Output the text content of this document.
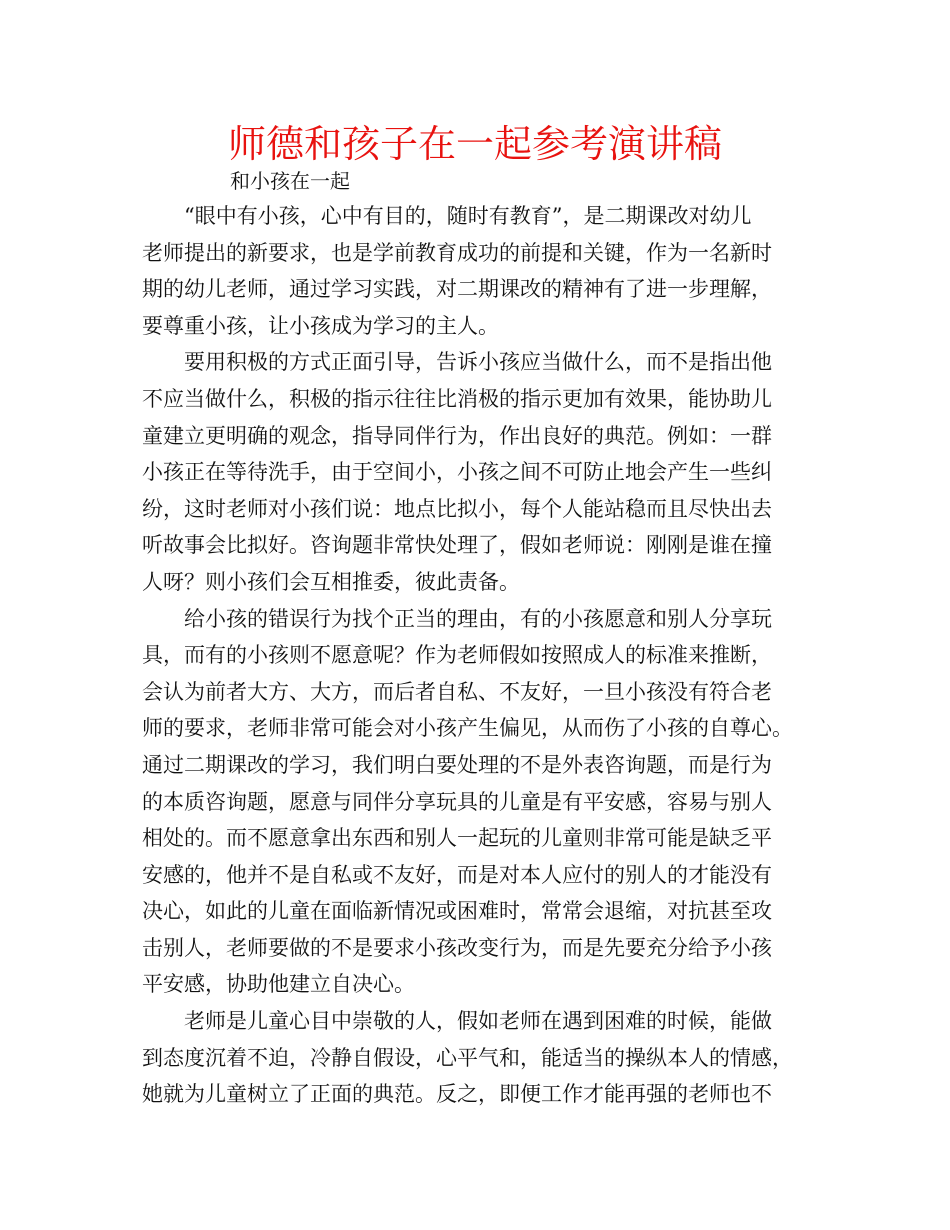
师德和孩子在一起参考演讲稿
和小孩在一起
“眼中有小孩，心中有目的，随时有教育”，是二期课改对幼儿
老师提出的新要求，也是学前教育成功的前提和关键，作为一名新时
期的幼儿老师，通过学习实践，对二期课改的精神有了进一步理解，
要尊重小孩，让小孩成为学习的主人。
要用积极的方式正面引导，告诉小孩应当做什么，而不是指出他
不应当做什么，积极的指示往往比消极的指示更加有效果，能协助儿
童建立更明确的观念，指导同伴行为，作出良好的典范。例如：一群
小孩正在等待洗手，由于空间小，小孩之间不可防止地会产生一些纠
纷，这时老师对小孩们说：地点比拟小，每个人能站稳而且尽快出去
听故事会比拟好。咨询题非常快处理了，假如老师说：刚刚是谁在撞
人呀？则小孩们会互相推委，彼此责备。
给小孩的错误行为找个正当的理由，有的小孩愿意和别人分享玩
具，而有的小孩则不愿意呢？作为老师假如按照成人的标准来推断，
会认为前者大方、大方，而后者自私、不友好，一旦小孩没有符合老
师的要求，老师非常可能会对小孩产生偏见，从而伤了小孩的自尊心。
通过二期课改的学习，我们明白要处理的不是外表咨询题，而是行为
的本质咨询题，愿意与同伴分享玩具的儿童是有平安感，容易与别人
相处的。而不愿意拿出东西和别人一起玩的儿童则非常可能是缺乏平
安感的，他并不是自私或不友好，而是对本人应付的别人的才能没有
决心，如此的儿童在面临新情况或困难时，常常会退缩，对抗甚至攻
击别人，老师要做的不是要求小孩改变行为，而是先要充分给予小孩
平安感，协助他建立自决心。
老师是儿童心目中崇敬的人，假如老师在遇到困难的时候，能做
到态度沉着不迫，冷静自假设，心平气和，能适当的操纵本人的情感，
她就为儿童树立了正面的典范。反之，即便工作才能再强的老师也不
